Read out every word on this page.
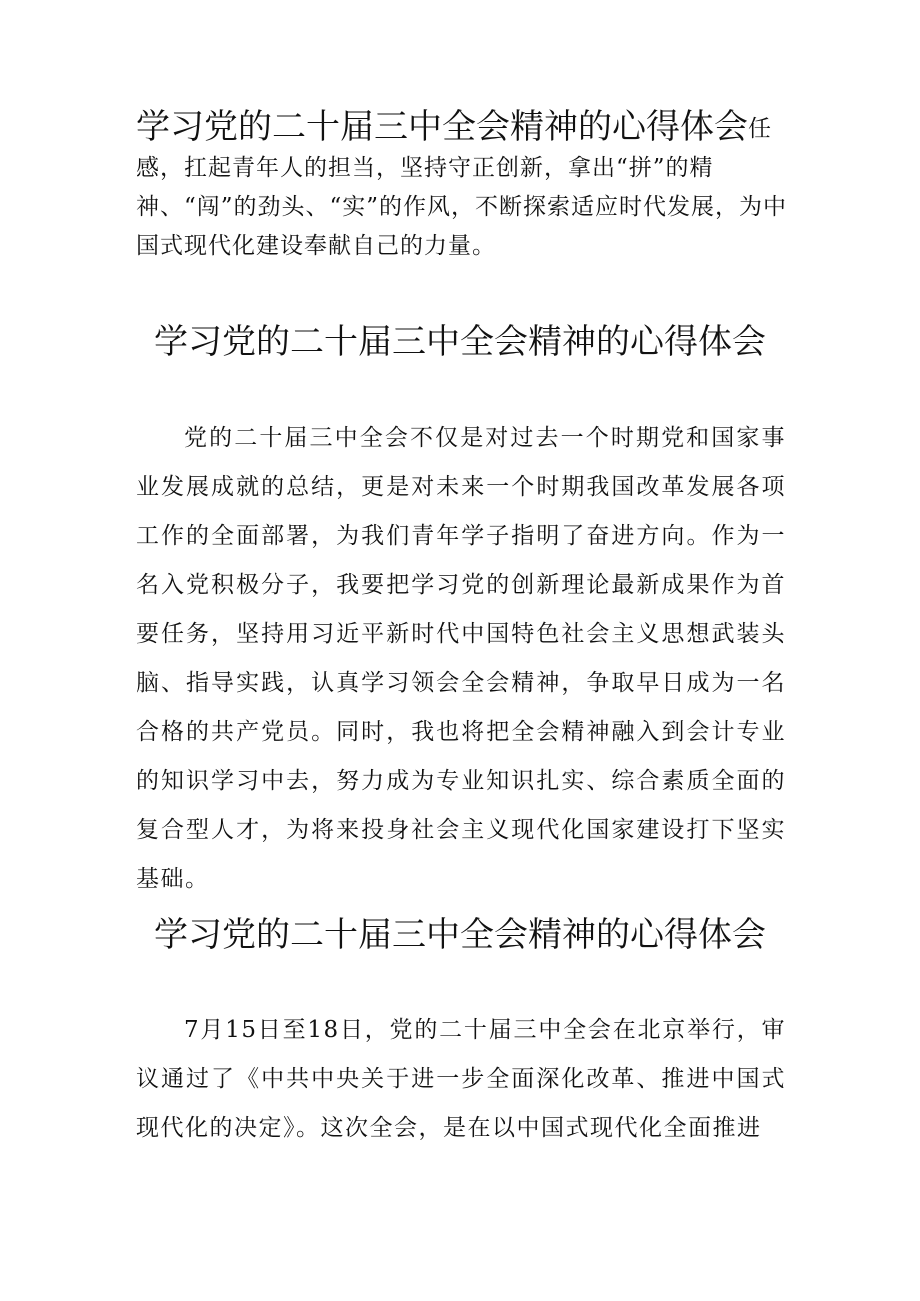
学习党的二十届三中全会精神的心得体会任感，扛起青年人的担当，坚持守正创新，拿出“拼”的精神、“闯”的劲头、“实”的作风，不断探索适应时代发展，为中国式现代化建设奉献自己的力量。
学习党的二十届三中全会精神的心得体会

党的二十届三中全会不仅是对过去一个时期党和国家事业发展成就的总结，更是对未来一个时期我国改革发展各项工作的全面部署，为我们青年学子指明了奋进方向。作为一名入党积极分子，我要把学习党的创新理论最新成果作为首要任务，坚持用习近平新时代中国特色社会主义思想武装头脑、指导实践，认真学习领会全会精神，争取早日成为一名合格的共产党员。同时，我也将把全会精神融入到会计专业的知识学习中去，努力成为专业知识扎实、综合素质全面的复合型人才，为将来投身社会主义现代化国家建设打下坚实基础。

学习党的二十届三中全会精神的心得体会

7月15日至18日，党的二十届三中全会在北京举行，审议通过了《中共中央关于进一步全面深化改革、推进中国式现代化的决定》。这次全会，是在以中国式现代化全面推进
